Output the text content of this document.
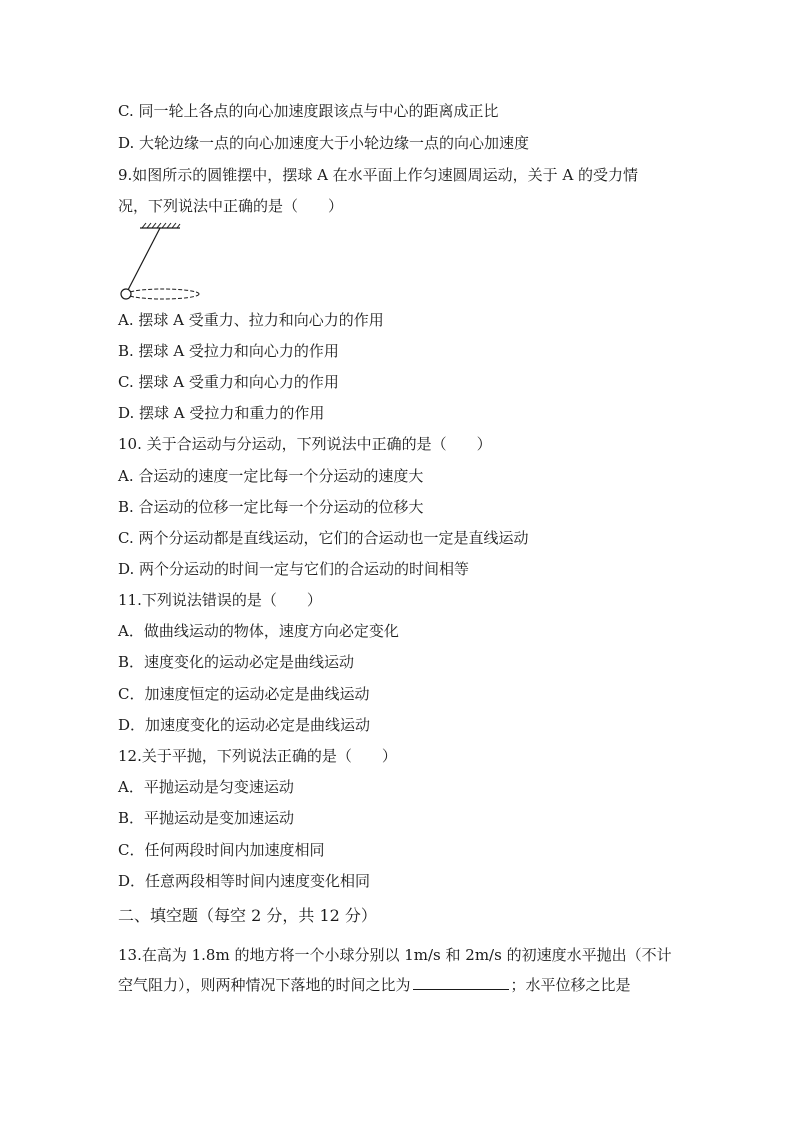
C. 同一轮上各点的向心加速度跟该点与中心的距离成正比
D. 大轮边缘一点的向心加速度大于小轮边缘一点的向心加速度
9.如图所示的圆锥摆中，摆球 A 在水平面上作匀速圆周运动，关于 A 的受力情
况，下列说法中正确的是（　　）
A. 摆球 A 受重力、拉力和向心力的作用
B. 摆球 A 受拉力和向心力的作用
C. 摆球 A 受重力和向心力的作用
D. 摆球 A 受拉力和重力的作用
10. 关于合运动与分运动，下列说法中正确的是（　　）
A. 合运动的速度一定比每一个分运动的速度大
B. 合运动的位移一定比每一个分运动的位移大
C. 两个分运动都是直线运动，它们的合运动也一定是直线运动
D. 两个分运动的时间一定与它们的合运动的时间相等
11.下列说法错误的是（　　）
A．做曲线运动的物体，速度方向必定变化
B．速度变化的运动必定是曲线运动
C．加速度恒定的运动必定是曲线运动
D．加速度变化的运动必定是曲线运动
12.关于平抛，下列说法正确的是（　　）
A．平抛运动是匀变速运动
B．平抛运动是变加速运动
C．任何两段时间内加速度相同
D．任意两段相等时间内速度变化相同
二、填空题（每空 2 分，共 12 分）
13.在高为 1.8m 的地方将一个小球分别以 1m/s 和 2m/s 的初速度水平抛出（不计
空气阻力），则两种情况下落地的时间之比为	；水平位移之比是
